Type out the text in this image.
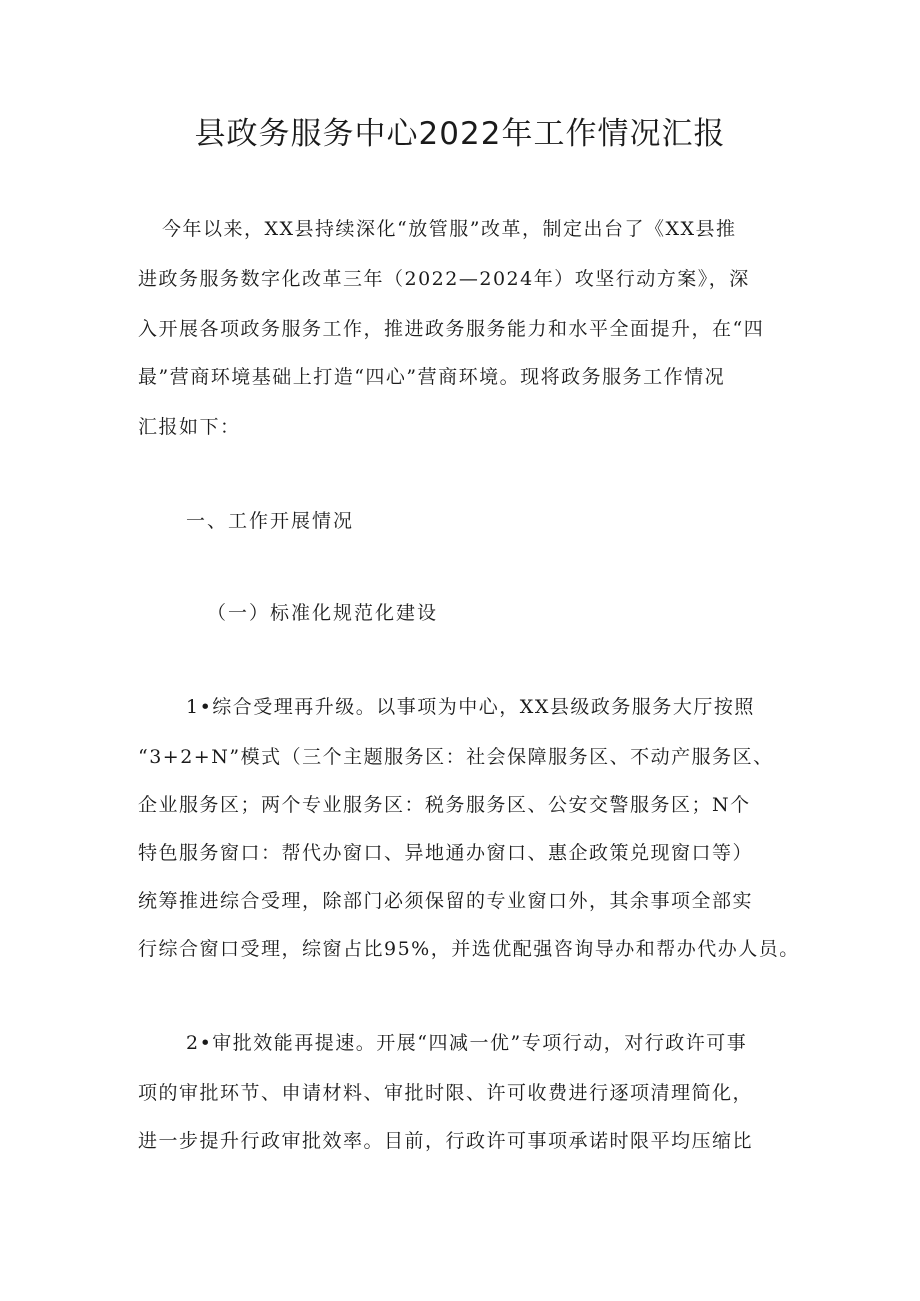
县政务服务中心2022年工作情况汇报
今年以来，XX县持续深化“放管服”改革，制定出台了《XX县推
进政务服务数字化改革三年（2022—2024年）攻坚行动方案》，深
入开展各项政务服务工作，推进政务服务能力和水平全面提升，在“四
最”营商环境基础上打造“四心”营商环境。现将政务服务工作情况
汇报如下：
一、工作开展情况
（一）标准化规范化建设
1•综合受理再升级。以事项为中心，XX县级政务服务大厅按照
“3+2+N”模式（三个主题服务区：社会保障服务区、不动产服务区、
企业服务区；两个专业服务区：税务服务区、公安交警服务区；N个
特色服务窗口：帮代办窗口、异地通办窗口、惠企政策兑现窗口等）
统筹推进综合受理，除部门必须保留的专业窗口外，其余事项全部实
行综合窗口受理，综窗占比95%，并选优配强咨询导办和帮办代办人员。
2•审批效能再提速。开展“四减一优”专项行动，对行政许可事
项的审批环节、申请材料、审批时限、许可收费进行逐项清理简化，
进一步提升行政审批效率。目前，行政许可事项承诺时限平均压缩比
